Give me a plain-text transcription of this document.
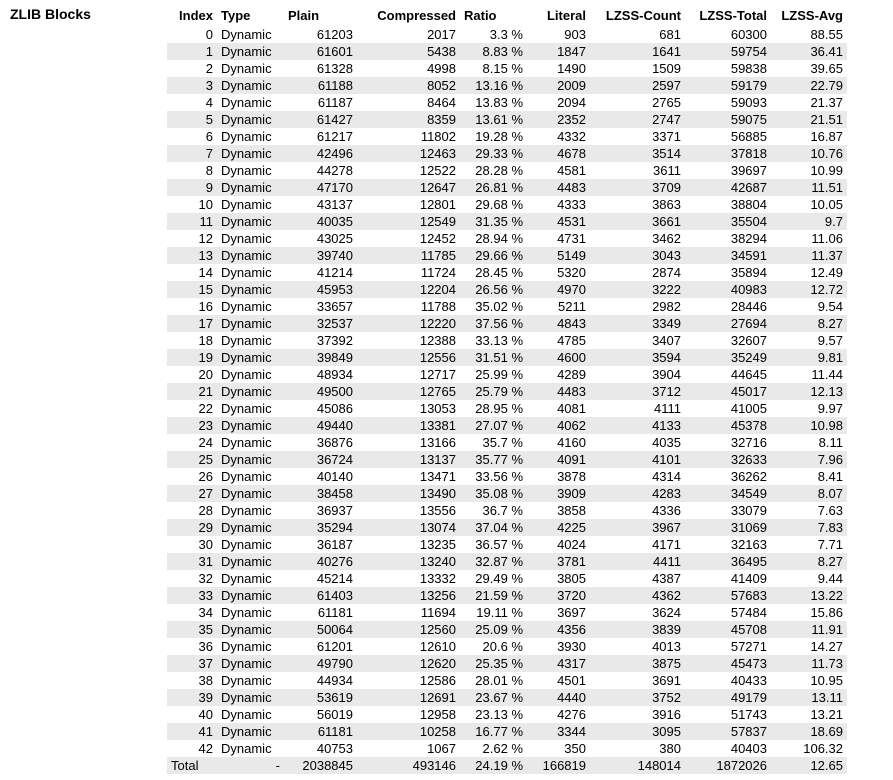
ZLIB Blocks	Index	Type	Plain	Compressed	Ratio	Literal	LZSS-Count	LZSS-Total	LZSS-Avg
0	Dynamic	61203	2017	3.3 %	903	681	60300	88.55
1	Dynamic	61601	5438	8.83 %	1847	1641	59754	36.41
2	Dynamic	61328	4998	8.15 %	1490	1509	59838	39.65
3	Dynamic	61188	8052	13.16 %	2009	2597	59179	22.79
4	Dynamic	61187	8464	13.83 %	2094	2765	59093	21.37
5	Dynamic	61427	8359	13.61 %	2352	2747	59075	21.51
6	Dynamic	61217	11802	19.28 %	4332	3371	56885	16.87
7	Dynamic	42496	12463	29.33 %	4678	3514	37818	10.76
8	Dynamic	44278	12522	28.28 %	4581	3611	39697	10.99
9	Dynamic	47170	12647	26.81 %	4483	3709	42687	11.51
10	Dynamic	43137	12801	29.68 %	4333	3863	38804	10.05
11	Dynamic	40035	12549	31.35 %	4531	3661	35504	9.7
12	Dynamic	43025	12452	28.94 %	4731	3462	38294	11.06
13	Dynamic	39740	11785	29.66 %	5149	3043	34591	11.37
14	Dynamic	41214	11724	28.45 %	5320	2874	35894	12.49
15	Dynamic	45953	12204	26.56 %	4970	3222	40983	12.72
16	Dynamic	33657	11788	35.02 %	5211	2982	28446	9.54
17	Dynamic	32537	12220	37.56 %	4843	3349	27694	8.27
18	Dynamic	37392	12388	33.13 %	4785	3407	32607	9.57
19	Dynamic	39849	12556	31.51 %	4600	3594	35249	9.81
20	Dynamic	48934	12717	25.99 %	4289	3904	44645	11.44
21	Dynamic	49500	12765	25.79 %	4483	3712	45017	12.13
22	Dynamic	45086	13053	28.95 %	4081	4111	41005	9.97
23	Dynamic	49440	13381	27.07 %	4062	4133	45378	10.98
24	Dynamic	36876	13166	35.7 %	4160	4035	32716	8.11
25	Dynamic	36724	13137	35.77 %	4091	4101	32633	7.96
26	Dynamic	40140	13471	33.56 %	3878	4314	36262	8.41
27	Dynamic	38458	13490	35.08 %	3909	4283	34549	8.07
28	Dynamic	36937	13556	36.7 %	3858	4336	33079	7.63
29	Dynamic	35294	13074	37.04 %	4225	3967	31069	7.83
30	Dynamic	36187	13235	36.57 %	4024	4171	32163	7.71
31	Dynamic	40276	13240	32.87 %	3781	4411	36495	8.27
32	Dynamic	45214	13332	29.49 %	3805	4387	41409	9.44
33	Dynamic	61403	13256	21.59 %	3720	4362	57683	13.22
34	Dynamic	61181	11694	19.11 %	3697	3624	57484	15.86
35	Dynamic	50064	12560	25.09 %	4356	3839	45708	11.91
36	Dynamic	61201	12610	20.6 %	3930	4013	57271	14.27
37	Dynamic	49790	12620	25.35 %	4317	3875	45473	11.73
38	Dynamic	44934	12586	28.01 %	4501	3691	40433	10.95
39	Dynamic	53619	12691	23.67 %	4440	3752	49179	13.11
40	Dynamic	56019	12958	23.13 %	4276	3916	51743	13.21
41	Dynamic	61181	10258	16.77 %	3344	3095	57837	18.69
42	Dynamic	40753	1067	2.62 %	350	380	40403	106.32
Total	-	2038845	493146	24.19 %	166819	148014	1872026	12.65
